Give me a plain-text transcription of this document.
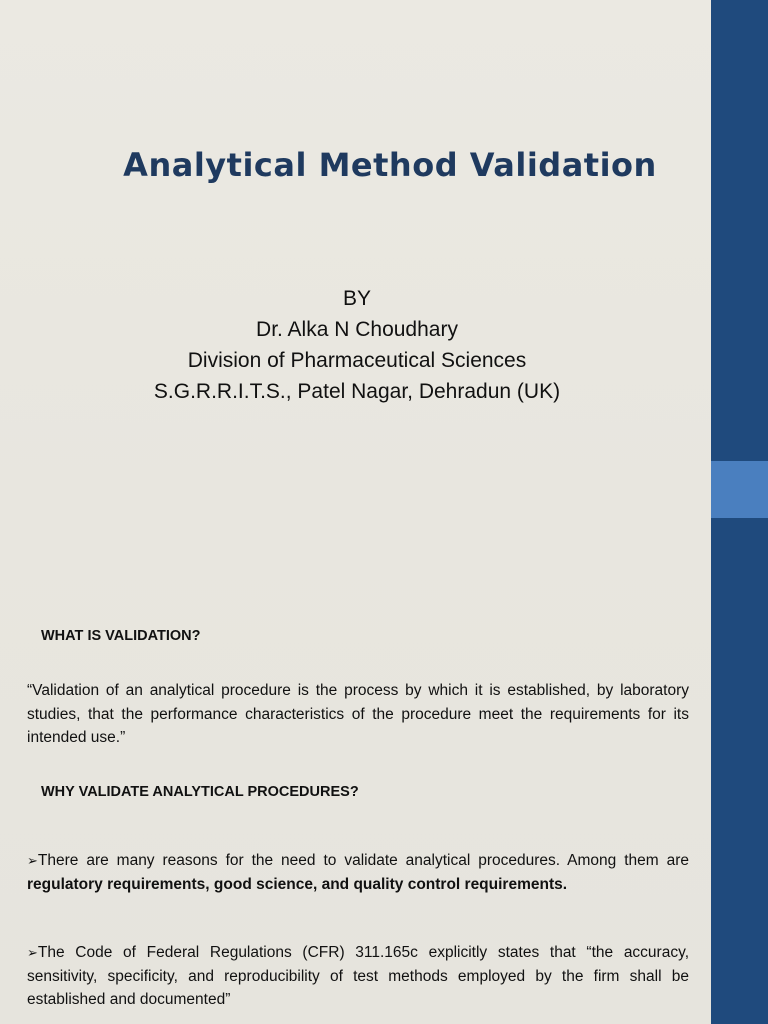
Analytical Method Validation
BY
Dr. Alka N Choudhary
Division of Pharmaceutical Sciences
S.G.R.R.I.T.S., Patel Nagar, Dehradun (UK)
WHAT IS VALIDATION?

“Validation of an analytical procedure is the process by which it is established, by laboratory studies, that the performance characteristics of the procedure meet the requirements for its intended use.”

WHY VALIDATE ANALYTICAL PROCEDURES?

➢There are many reasons for the need to validate analytical procedures. Among them are regulatory requirements, good science, and quality control requirements.

➢The Code of Federal Regulations (CFR) 311.165c explicitly states that “the accuracy, sensitivity, specificity, and reproducibility of test methods employed by the firm shall be established and documented”
